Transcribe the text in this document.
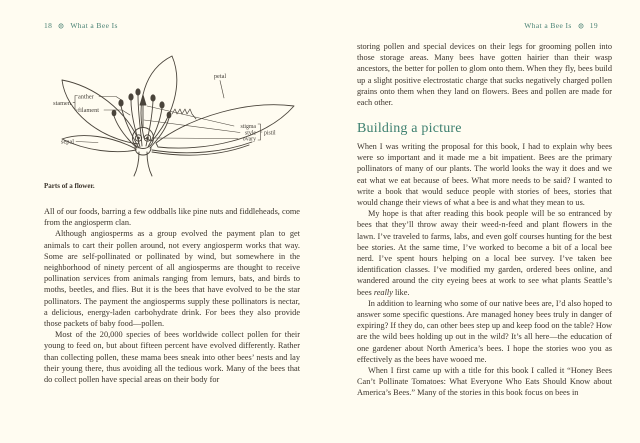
18 What a Bee Is
stamen
anther
filament
sepal
petal
stigma
style
ovary
pistil
Parts of a flower.

All of our foods, barring a few oddballs like pine nuts and fiddleheads, come from the angiosperm clan.

Although angiosperms as a group evolved the payment plan to get animals to cart their pollen around, not every angiosperm works that way. Some are self-pollinated or pollinated by wind, but somewhere in the neighborhood of ninety percent of all angiosperms are thought to receive pollination services from animals ranging from lemurs, bats, and birds to moths, beetles, and flies. But it is the bees that have evolved to be the star pollinators. The payment the angiosperms supply these pollinators is nectar, a delicious, energy-laden carbohydrate drink. For bees they also provide those packets of baby food—pollen.

Most of the 20,000 species of bees worldwide collect pollen for their young to feed on, but about fifteen percent have evolved differently. Rather than collecting pollen, these mama bees sneak into other bees’ nests and lay their young there, thus avoiding all the tedious work. Many of the bees that do collect pollen have special areas on their body for

What a Bee Is 19

storing pollen and special devices on their legs for grooming pollen into those storage areas. Many bees have gotten hairier than their wasp ancestors, the better for pollen to glom onto them. When they fly, bees build up a slight positive electrostatic charge that sucks negatively charged pollen grains onto them when they land on flowers. Bees and pollen are made for each other.

Building a picture

When I was writing the proposal for this book, I had to explain why bees were so important and it made me a bit impatient. Bees are the primary pollinators of many of our plants. The world looks the way it does and we eat what we eat because of bees. What more needs to be said? I wanted to write a book that would seduce people with stories of bees, stories that would change their views of what a bee is and what they mean to us.

My hope is that after reading this book people will be so entranced by bees that they’ll throw away their weed-n-feed and plant flowers in the lawn. I’ve traveled to farms, labs, and even golf courses hunting for the best bee stories. At the same time, I’ve worked to become a bit of a local bee nerd. I’ve spent hours helping on a local bee survey. I’ve taken bee identification classes. I’ve modified my garden, ordered bees online, and wandered around the city eyeing bees at work to see what plants Seattle’s bees really like.

In addition to learning who some of our native bees are, I’d also hoped to answer some specific questions. Are managed honey bees truly in danger of expiring? If they do, can other bees step up and keep food on the table? How are the wild bees holding up out in the wild? It’s all here—the education of one gardener about North America’s bees. I hope the stories woo you as effectively as the bees have wooed me.

When I first came up with a title for this book I called it “Honey Bees Can’t Pollinate Tomatoes: What Everyone Who Eats Should Know about America’s Bees.” Many of the stories in this book focus on bees in
